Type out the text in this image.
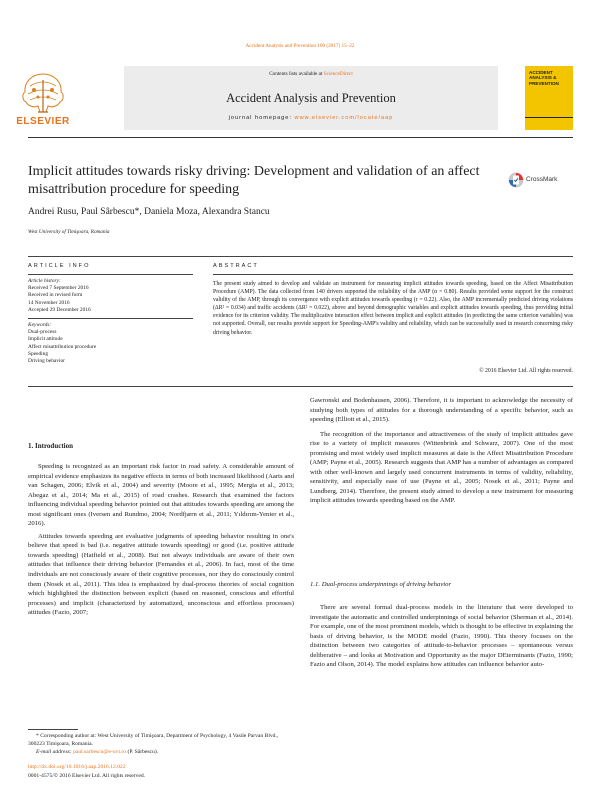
Accident Analysis and Prevention 100 (2017) 15–22
ELSEVIER
Contents lists available at ScienceDirect
Accident Analysis and Prevention
journal homepage: www.elsevier.com/locate/aap
ACCIDENT ANALYSIS & PREVENTION
Implicit attitudes towards risky driving: Development and validation of an affect misattribution procedure for speeding
CrossMark
Andrei Rusu, Paul Sârbescu*, Daniela Moza, Alexandra Stancu
West University of Timişoara, Romania
ARTICLE INFO
Article history:
Received 7 September 2016
Received in revised form
14 November 2016
Accepted 29 December 2016
Keywords:
Dual-process
Implicit attitude
Affect misattribution procedure
Speeding
Driving behavior
ABSTRACT
The present study aimed to develop and validate an instrument for measuring implicit attitudes towards speeding, based on the Affect Misattribution Procedure (AMP). The data collected from 140 drivers supported the reliability of the AMP (α = 0.80). Results provided some support for the construct validity of the AMP, through its convergence with explicit attitudes towards speeding (r = 0.22). Also, the AMP incrementally predicted driving violations (ΔR² = 0.034) and traffic accidents (ΔR² = 0.022), above and beyond demographic variables and explicit attitudes towards speeding, thus providing initial evidence for its criterion validity. The multiplicative interaction effect between implicit and explicit attitudes (in predicting the same criterion variables) was not supported. Overall, our results provide support for Speeding-AMP's validity and reliability, which can be successfully used in research concerning risky driving behavior.
© 2016 Elsevier Ltd. All rights reserved.
1. Introduction

Speeding is recognized as an important risk factor in road safety. A considerable amount of empirical evidence emphasizes its negative effects in terms of both increased likelihood (Aarts and van Schagen, 2006; Elvik et al., 2004) and severity (Moore et al., 1995; Mergia et al., 2013; Abegaz et al., 2014; Ma et al., 2015) of road crashes. Research that examined the factors influencing individual speeding behavior pointed out that attitudes towards speeding are among the most significant ones (Iversen and Rundmo, 2004; Nordfjærn et al., 2011; Yıldırım-Yenier et al., 2016).

Attitudes towards speeding are evaluative judgments of speeding behavior resulting in one's believe that speed is bad (i.e. negative attitude towards speeding) or good (i.e. positive attitude towards speeding) (Hatfield et al., 2008). But not always individuals are aware of their own attitudes that influence their driving behavior (Fernandes et al., 2006). In fact, most of the time individuals are not consciously aware of their cognitive processes, nor they do consciously control them (Nosek et al., 2011). This idea is emphasized by dual-process theories of social cognition which highlighted the distinction between explicit (based on reasoned, conscious and effortful processes) and implicit (characterized by automatized, unconscious and effortless processes) attitudes (Fazio, 2007;

* Corresponding author at: West University of Timişoara, Department of Psychology, 4 Vasile Parvan Blvd., 300223 Timişoara, Romania.
E-mail address: paul.sarbescu@e-uvt.ro (P. Sârbescu).
http://dx.doi.org/10.1016/j.aap.2016.12.022
0001-4575/© 2016 Elsevier Ltd. All rights reserved.
Gawronski and Bodenhausen, 2006). Therefore, it is important to acknowledge the necessity of studying both types of attitudes for a thorough understanding of a specific behavior, such as speeding (Elliott et al., 2015).

The recognition of the importance and attractiveness of the study of implicit attitudes gave rise to a variety of implicit measures (Wittenbrink and Schwarz, 2007). One of the most promising and most widely used implicit measures at date is the Affect Misattribution Procedure (AMP; Payne et al., 2005). Research suggests that AMP has a number of advantages as compared with other well-known and largely used concurrent instruments in terms of validity, reliability, sensitivity, and especially ease of use (Payne et al., 2005; Nosek et al., 2011; Payne and Lundberg, 2014). Therefore, the present study aimed to develop a new instrument for measuring implicit attitudes towards speeding based on the AMP.

1.1. Dual-process underpinnings of driving behavior

There are several formal dual-process models in the literature that were developed to investigate the automatic and controlled underpinnings of social behavior (Sherman et al., 2014). For example, one of the most prominent models, which is thought to be effective in explaining the basis of driving behavior, is the MODE model (Fazio, 1990). This theory focuses on the distinction between two categories of attitude-to-behavior processes – spontaneous versus deliberative – and looks at Motivation and Opportunity as the major DEterminants (Fazio, 1990; Fazio and Olson, 2014). The model explains how attitudes can influence behavior auto-
